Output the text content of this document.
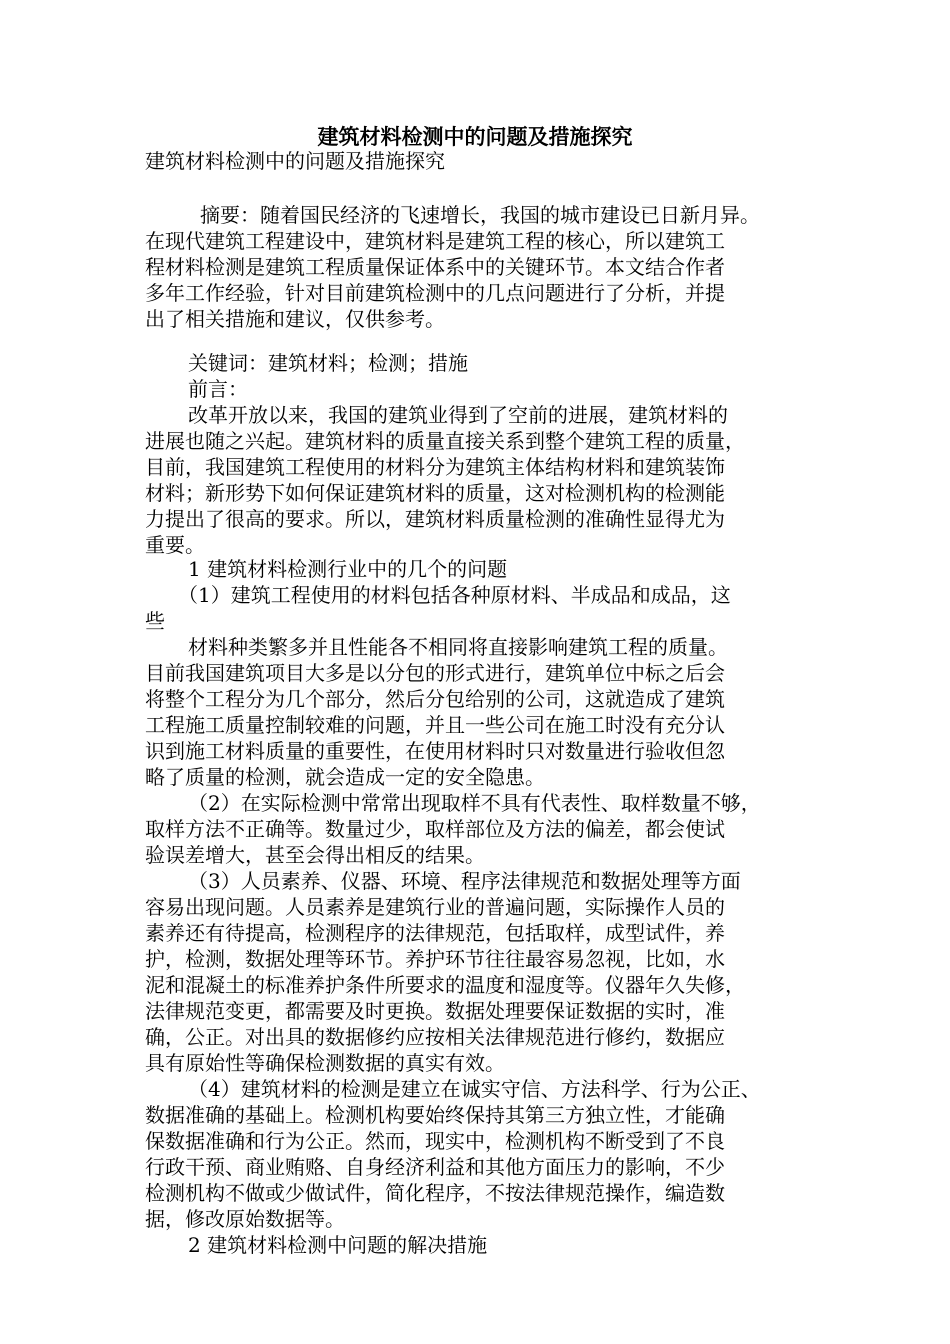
建筑材料检测中的问题及措施探究

建筑材料检测中的问题及措施探究

摘要：随着国民经济的飞速增长，我国的城市建设已日新月异。

在现代建筑工程建设中，建筑材料是建筑工程的核心，所以建筑工

程材料检测是建筑工程质量保证体系中的关键环节。本文结合作者

多年工作经验，针对目前建筑检测中的几点问题进行了分析，并提

出了相关措施和建议，仅供参考。

关键词：建筑材料；检测；措施

前言：

改革开放以来，我国的建筑业得到了空前的进展，建筑材料的

进展也随之兴起。建筑材料的质量直接关系到整个建筑工程的质量，

目前，我国建筑工程使用的材料分为建筑主体结构材料和建筑装饰

材料；新形势下如何保证建筑材料的质量，这对检测机构的检测能

力提出了很高的要求。所以，建筑材料质量检测的准确性显得尤为

重要。

1 建筑材料检测行业中的几个的问题

（1）建筑工程使用的材料包括各种原材料、半成品和成品，这

些

材料种类繁多并且性能各不相同将直接影响建筑工程的质量。

目前我国建筑项目大多是以分包的形式进行，建筑单位中标之后会

将整个工程分为几个部分，然后分包给别的公司，这就造成了建筑

工程施工质量控制较难的问题，并且一些公司在施工时没有充分认

识到施工材料质量的重要性，在使用材料时只对数量进行验收但忽

略了质量的检测，就会造成一定的安全隐患。

（2）在实际检测中常常出现取样不具有代表性、取样数量不够，

取样方法不正确等。数量过少，取样部位及方法的偏差，都会使试

验误差增大，甚至会得出相反的结果。

（3）人员素养、仪器、环境、程序法律规范和数据处理等方面

容易出现问题。人员素养是建筑行业的普遍问题，实际操作人员的

素养还有待提高，检测程序的法律规范，包括取样，成型试件，养

护，检测，数据处理等环节。养护环节往往最容易忽视，比如，水

泥和混凝土的标准养护条件所要求的温度和湿度等。仪器年久失修，

法律规范变更，都需要及时更换。数据处理要保证数据的实时，准

确，公正。对出具的数据修约应按相关法律规范进行修约，数据应

具有原始性等确保检测数据的真实有效。

（4）建筑材料的检测是建立在诚实守信、方法科学、行为公正、

数据准确的基础上。检测机构要始终保持其第三方独立性，才能确

保数据准确和行为公正。然而，现实中，检测机构不断受到了不良

行政干预、商业贿赂、自身经济利益和其他方面压力的影响，不少

检测机构不做或少做试件，简化程序，不按法律规范操作，编造数

据，修改原始数据等。

2 建筑材料检测中问题的解决措施
